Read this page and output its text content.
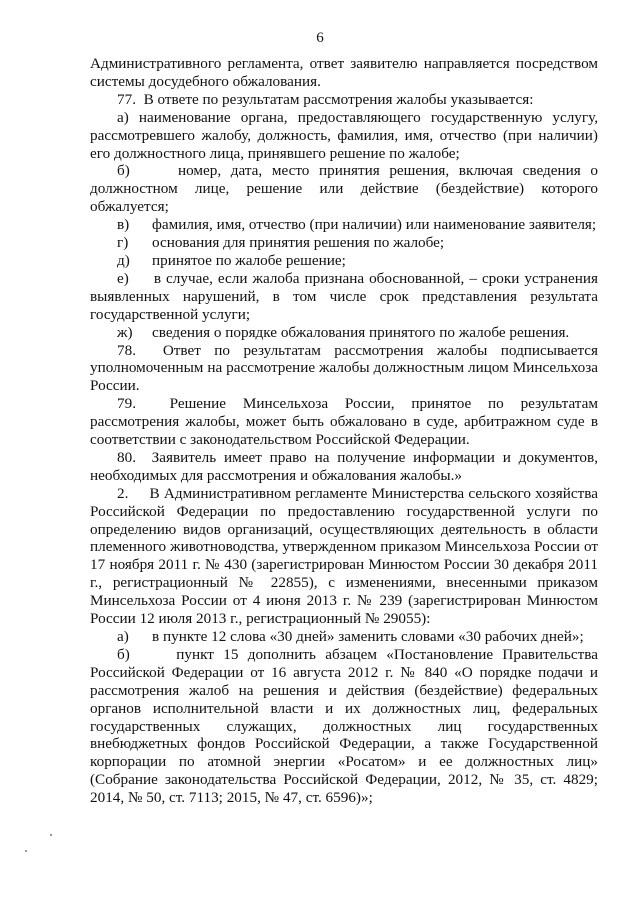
6

Административного регламента, ответ заявителю направляется посредством системы досудебного обжалования.

77.  В ответе по результатам рассмотрения жалобы указывается:

а) наименование органа, предоставляющего государственную услугу, рассмотревшего жалобу, должность, фамилия, имя, отчество (при наличии) его должностного лица, принявшего решение по жалобе;

б)     номер, дата, место принятия решения, включая сведения о должностном лице, решение или действие (бездействие) которого обжалуется;

в)	фамилия, имя, отчество (при наличии) или наименование заявителя;
г)	основания для принятия решения по жалобе;
д)	принятое по жалобе решение;

е)     в случае, если жалоба признана обоснованной, – сроки устранения выявленных нарушений, в том числе срок представления результата государственной услуги;

ж)	сведения о порядке обжалования принятого по жалобе решения.

78.  Ответ по результатам рассмотрения жалобы подписывается уполномоченным на рассмотрение жалобы должностным лицом Минсельхоза России.

79.  Решение Минсельхоза России, принятое по результатам рассмотрения жалобы, может быть обжаловано в суде, арбитражном суде в соответствии с законодательством Российской Федерации.

80.  Заявитель имеет право на получение информации и документов, необходимых для рассмотрения и обжалования жалобы.»

2.     В Административном регламенте Министерства сельского хозяйства Российской Федерации по предоставлению государственной услуги по определению видов организаций, осуществляющих деятельность в области племенного животноводства, утвержденном приказом Минсельхоза России от 17 ноября 2011 г. № 430 (зарегистрирован Минюстом России 30 декабря 2011 г., регистрационный № 22855), с изменениями, внесенными приказом Минсельхоза России от 4 июня 2013 г. № 239 (зарегистрирован Минюстом России 12 июля 2013 г., регистрационный № 29055):

а)	в пункте 12 слова «30 дней» заменить словами «30 рабочих дней»;

б)     пункт 15 дополнить абзацем «Постановление Правительства Российской Федерации от 16 августа 2012 г. № 840 «О порядке подачи и рассмотрения жалоб на решения и действия (бездействие) федеральных органов исполнительной власти и их должностных лиц, федеральных государственных служащих, должностных лиц государственных внебюджетных фондов Российской Федерации, а также Государственной корпорации по атомной энергии «Росатом» и ее должностных лиц» (Собрание законодательства Российской Федерации, 2012, № 35, ст. 4829; 2014, № 50, ст. 7113; 2015, № 47, ст. 6596)»;
